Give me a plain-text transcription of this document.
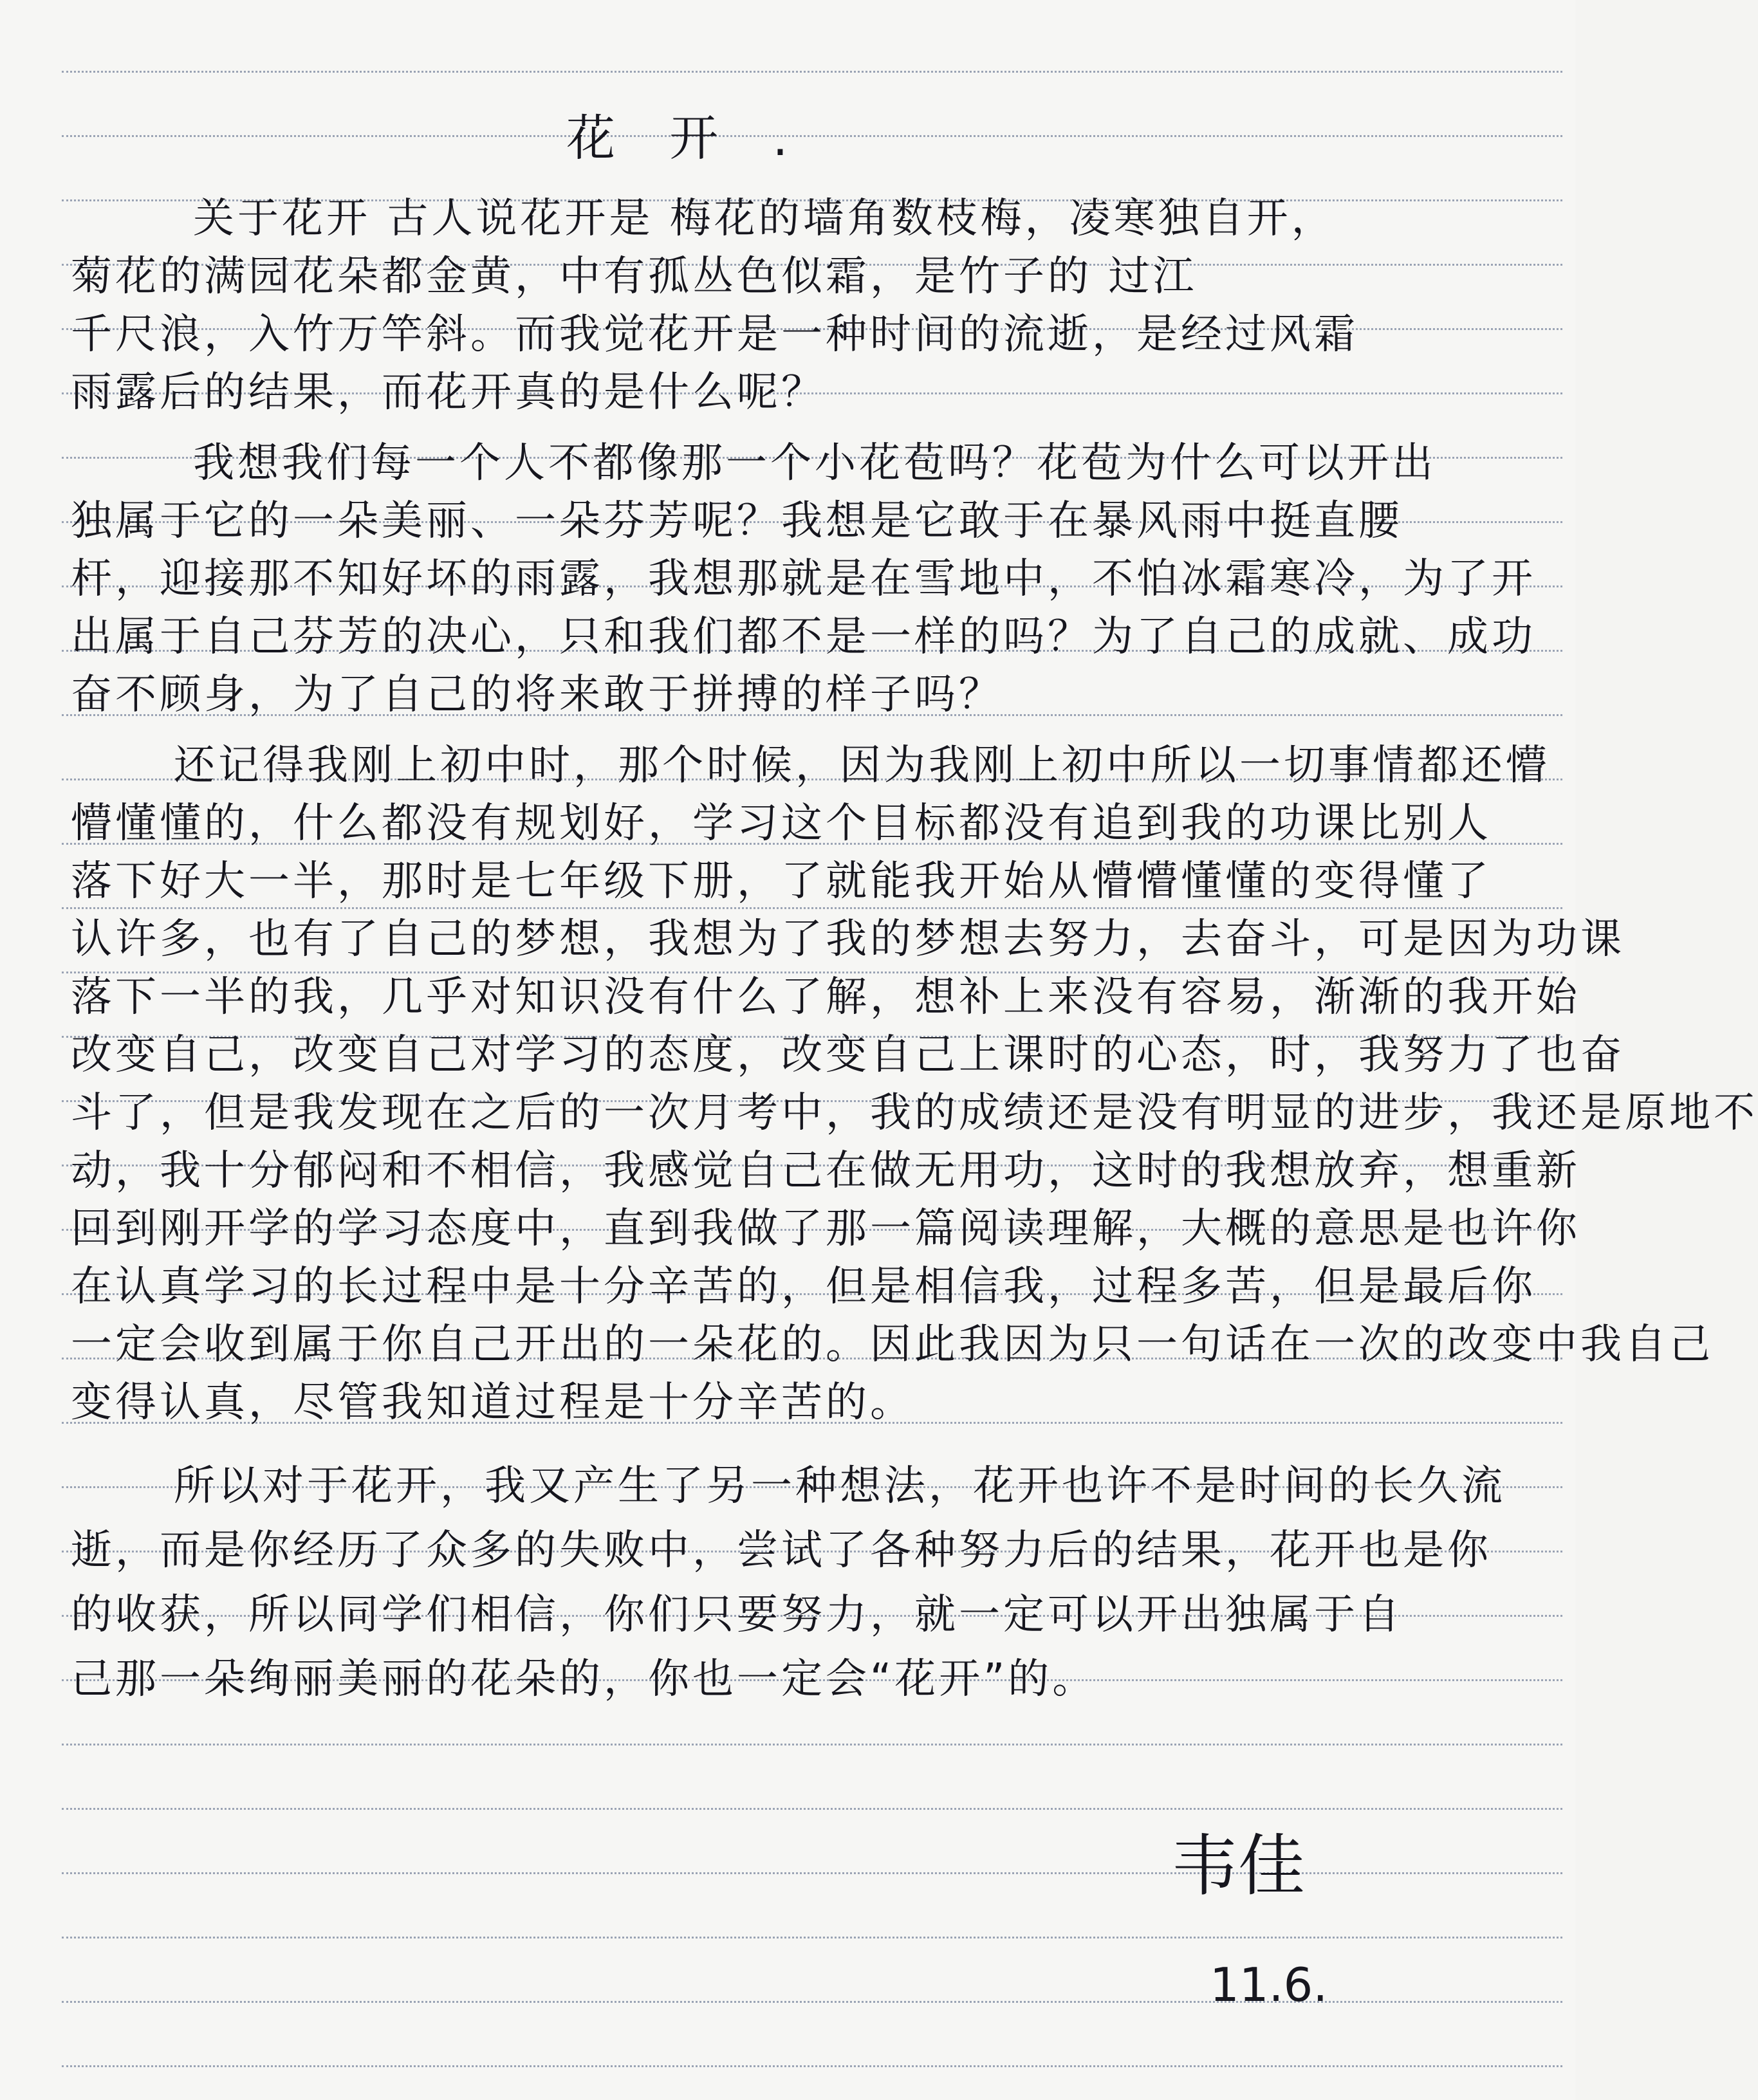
花 开 .
关于花开 古人说花开是 梅花的墙角数枝梅，凌寒独自开，
菊花的满园花朵都金黄，中有孤丛色似霜，是竹子的 过江
千尺浪，入竹万竿斜。而我觉花开是一种时间的流逝，是经过风霜
雨露后的结果，而花开真的是什么呢？
我想我们每一个人不都像那一个小花苞吗？花苞为什么可以开出
独属于它的一朵美丽、一朵芬芳呢？我想是它敢于在暴风雨中挺直腰
杆，迎接那不知好坏的雨露，我想那就是在雪地中，不怕冰霜寒冷，为了开
出属于自己芬芳的决心，只和我们都不是一样的吗？为了自己的成就、成功
奋不顾身，为了自己的将来敢于拼搏的样子吗？
还记得我刚上初中时，那个时候，因为我刚上初中所以一切事情都还懵
懵懂懂的，什么都没有规划好，学习这个目标都没有追到我的功课比别人
落下好大一半，那时是七年级下册，了就能我开始从懵懵懂懂的变得懂了
认许多，也有了自己的梦想，我想为了我的梦想去努力，去奋斗，可是因为功课
落下一半的我，几乎对知识没有什么了解，想补上来没有容易，渐渐的我开始
改变自己，改变自己对学习的态度，改变自己上课时的心态，时，我努力了也奋
斗了，但是我发现在之后的一次月考中，我的成绩还是没有明显的进步，我还是原地不
动，我十分郁闷和不相信，我感觉自己在做无用功，这时的我想放弃，想重新
回到刚开学的学习态度中，直到我做了那一篇阅读理解，大概的意思是也许你
在认真学习的长过程中是十分辛苦的，但是相信我，过程多苦，但是最后你
一定会收到属于你自己开出的一朵花的。因此我因为只一句话在一次的改变中我自己
变得认真，尽管我知道过程是十分辛苦的。
所以对于花开，我又产生了另一种想法，花开也许不是时间的长久流
逝，而是你经历了众多的失败中，尝试了各种努力后的结果，花开也是你
的收获，所以同学们相信，你们只要努力，就一定可以开出独属于自
己那一朵绚丽美丽的花朵的，你也一定会“花开”的。
韦佳
11.6.
